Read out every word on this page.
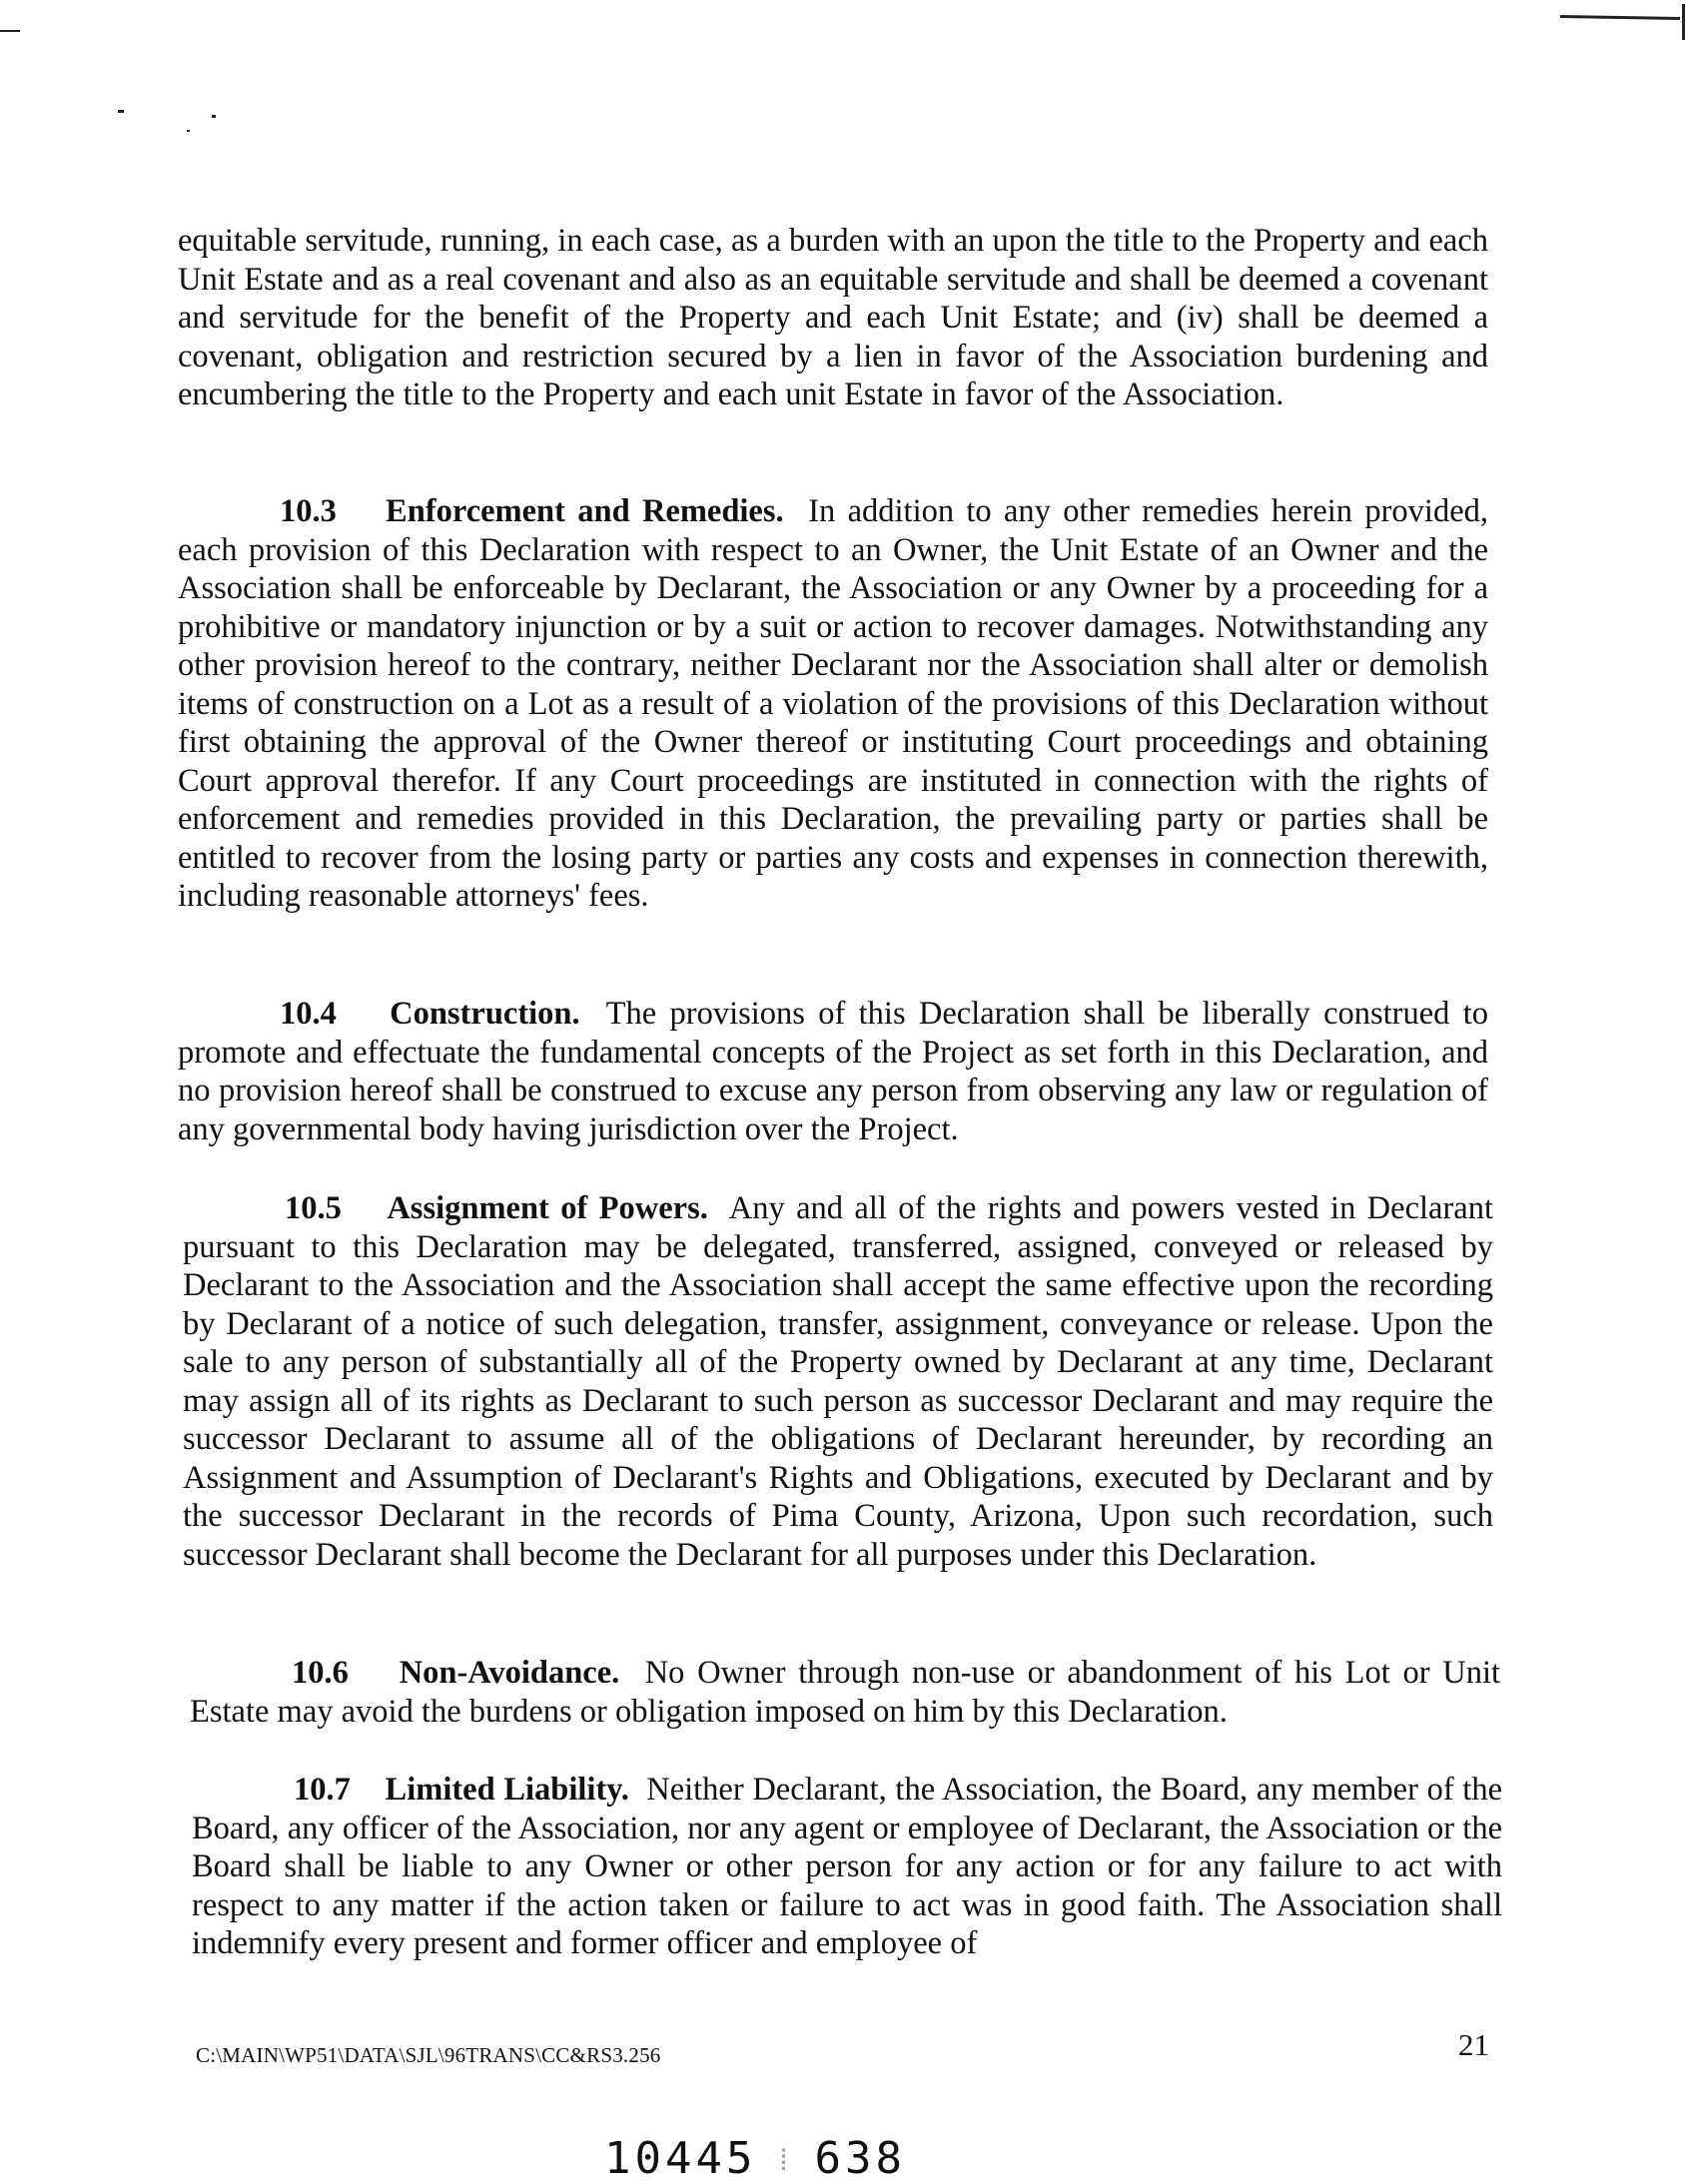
equitable servitude, running, in each case, as a burden with an upon the title to the Property and each Unit Estate and as a real covenant and also as an equitable servitude and shall be deemed a covenant and servitude for the benefit of the Property and each Unit Estate; and (iv) shall be deemed a covenant, obligation and restriction secured by a lien in favor of the Association burdening and encumbering the title to the Property and each unit Estate in favor of the Association.

10.3 Enforcement and Remedies. In addition to any other remedies herein provided, each provision of this Declaration with respect to an Owner, the Unit Estate of an Owner and the Association shall be enforceable by Declarant, the Association or any Owner by a proceeding for a prohibitive or mandatory injunction or by a suit or action to recover damages. Notwithstanding any other provision hereof to the contrary, neither Declarant nor the Association shall alter or demolish items of construction on a Lot as a result of a violation of the provisions of this Declaration without first obtaining the approval of the Owner thereof or instituting Court proceedings and obtaining Court approval therefor. If any Court proceedings are instituted in connection with the rights of enforcement and remedies provided in this Declaration, the prevailing party or parties shall be entitled to recover from the losing party or parties any costs and expenses in connection therewith, including reasonable attorneys' fees.

10.4 Construction. The provisions of this Declaration shall be liberally construed to promote and effectuate the fundamental concepts of the Project as set forth in this Declaration, and no provision hereof shall be construed to excuse any person from observing any law or regulation of any governmental body having jurisdiction over the Project.

10.5 Assignment of Powers. Any and all of the rights and powers vested in Declarant pursuant to this Declaration may be delegated, transferred, assigned, conveyed or released by Declarant to the Association and the Association shall accept the same effective upon the recording by Declarant of a notice of such delegation, transfer, assignment, conveyance or release. Upon the sale to any person of substantially all of the Property owned by Declarant at any time, Declarant may assign all of its rights as Declarant to such person as successor Declarant and may require the successor Declarant to assume all of the obligations of Declarant hereunder, by recording an Assignment and Assumption of Declarant's Rights and Obligations, executed by Declarant and by the successor Declarant in the records of Pima County, Arizona, Upon such recordation, such successor Declarant shall become the Declarant for all purposes under this Declaration.

10.6 Non-Avoidance. No Owner through non-use or abandonment of his Lot or Unit Estate may avoid the burdens or obligation imposed on him by this Declaration.

10.7 Limited Liability. Neither Declarant, the Association, the Board, any member of the Board, any officer of the Association, nor any agent or employee of Declarant, the Association or the Board shall be liable to any Owner or other person for any action or for any failure to act with respect to any matter if the action taken or failure to act was in good faith. The Association shall indemnify every present and former officer and employee of

C:\MAIN\WP51\DATA\SJL\96TRANS\CC&RS3.256	21
10445 ⁞ 638
